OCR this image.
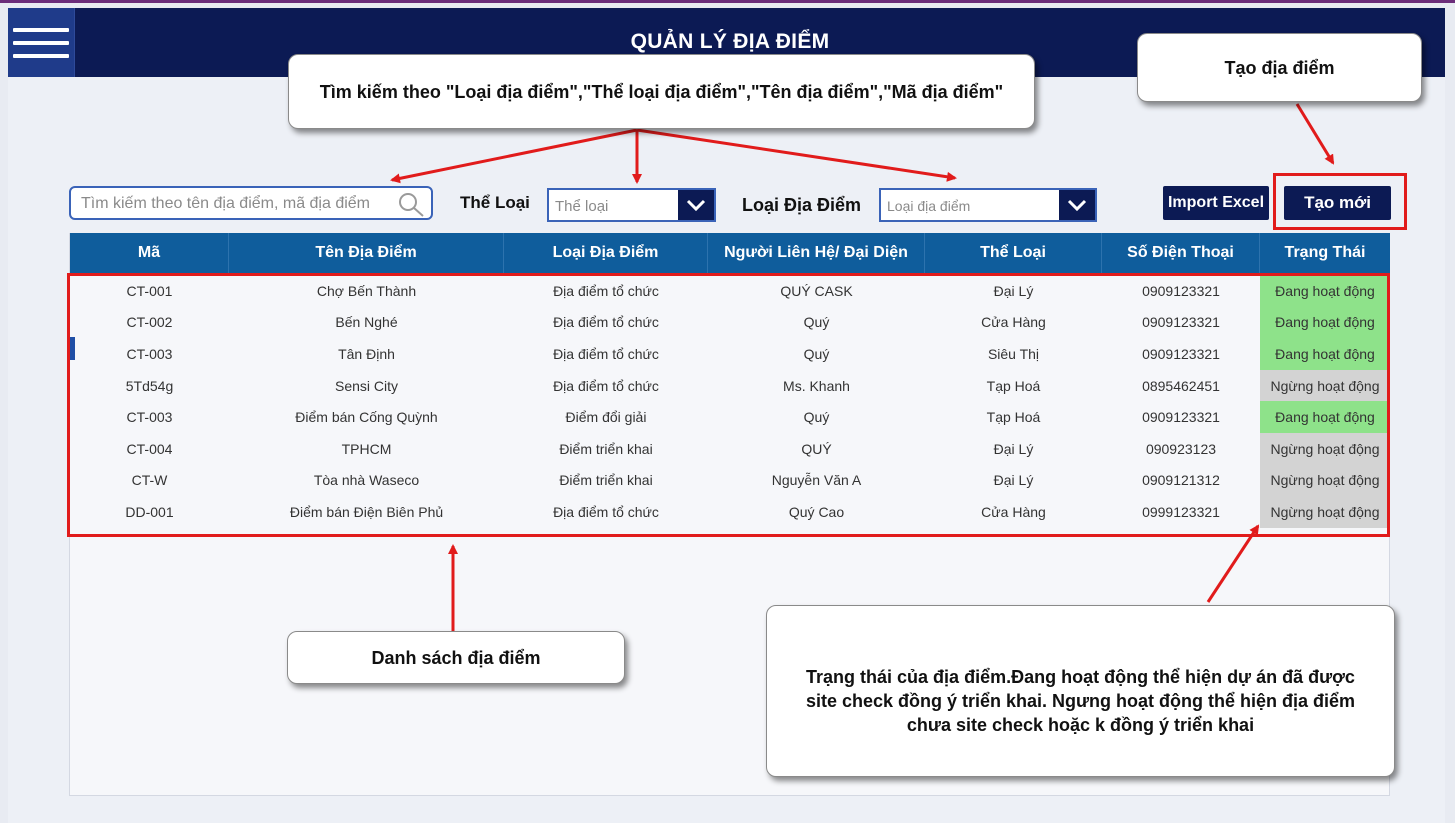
QUẢN LÝ ĐỊA ĐIỂM
Tìm kiếm theo tên địa điểm, mã địa điểm
Thể Loại Thể loại	Loại Địa Điểm Loại địa điểm	Import Excel	Tạo mới
Mã	Tên Địa Điểm	Loại Địa Điểm	Người Liên Hệ/ Đại Diện	Thể Loại	Số Điện Thoại	Trạng Thái
CT-001	Chợ Bến Thành	Địa điểm tổ chức	QUÝ CASK	Đại Lý	0909123321	Đang hoạt động
CT-002	Bến Nghé	Địa điểm tổ chức	Quý	Cửa Hàng	0909123321	Đang hoạt động
CT-003	Tân Định	Địa điểm tổ chức	Quý	Siêu Thị	0909123321	Đang hoạt động
5Td54g	Sensi City	Địa điểm tổ chức	Ms. Khanh	Tạp Hoá	0895462451	Ngừng hoạt động
CT-003	Điểm bán Cống Quỳnh	Điểm đổi giải	Quý	Tạp Hoá	0909123321	Đang hoạt động
CT-004	TPHCM	Điểm triển khai	QUÝ	Đại Lý	090923123	Ngừng hoạt động
CT-W	Tòa nhà Waseco	Điểm triển khai	Nguyễn Văn A	Đại Lý	0909121312	Ngừng hoạt động
DD-001	Điểm bán Điện Biên Phủ	Địa điểm tổ chức	Quý Cao	Cửa Hàng	0999123321	Ngừng hoạt động
Tìm kiếm theo "Loại địa điểm","Thể loại địa điểm","Tên địa điểm","Mã địa điểm"
Tạo địa điểm
Danh sách địa điểm
Trạng thái của địa điểm.Đang hoạt động thể hiện dự án đã được site check đồng ý triển khai. Ngưng hoạt động thể hiện địa điểm chưa site check hoặc k đồng ý triển khai
